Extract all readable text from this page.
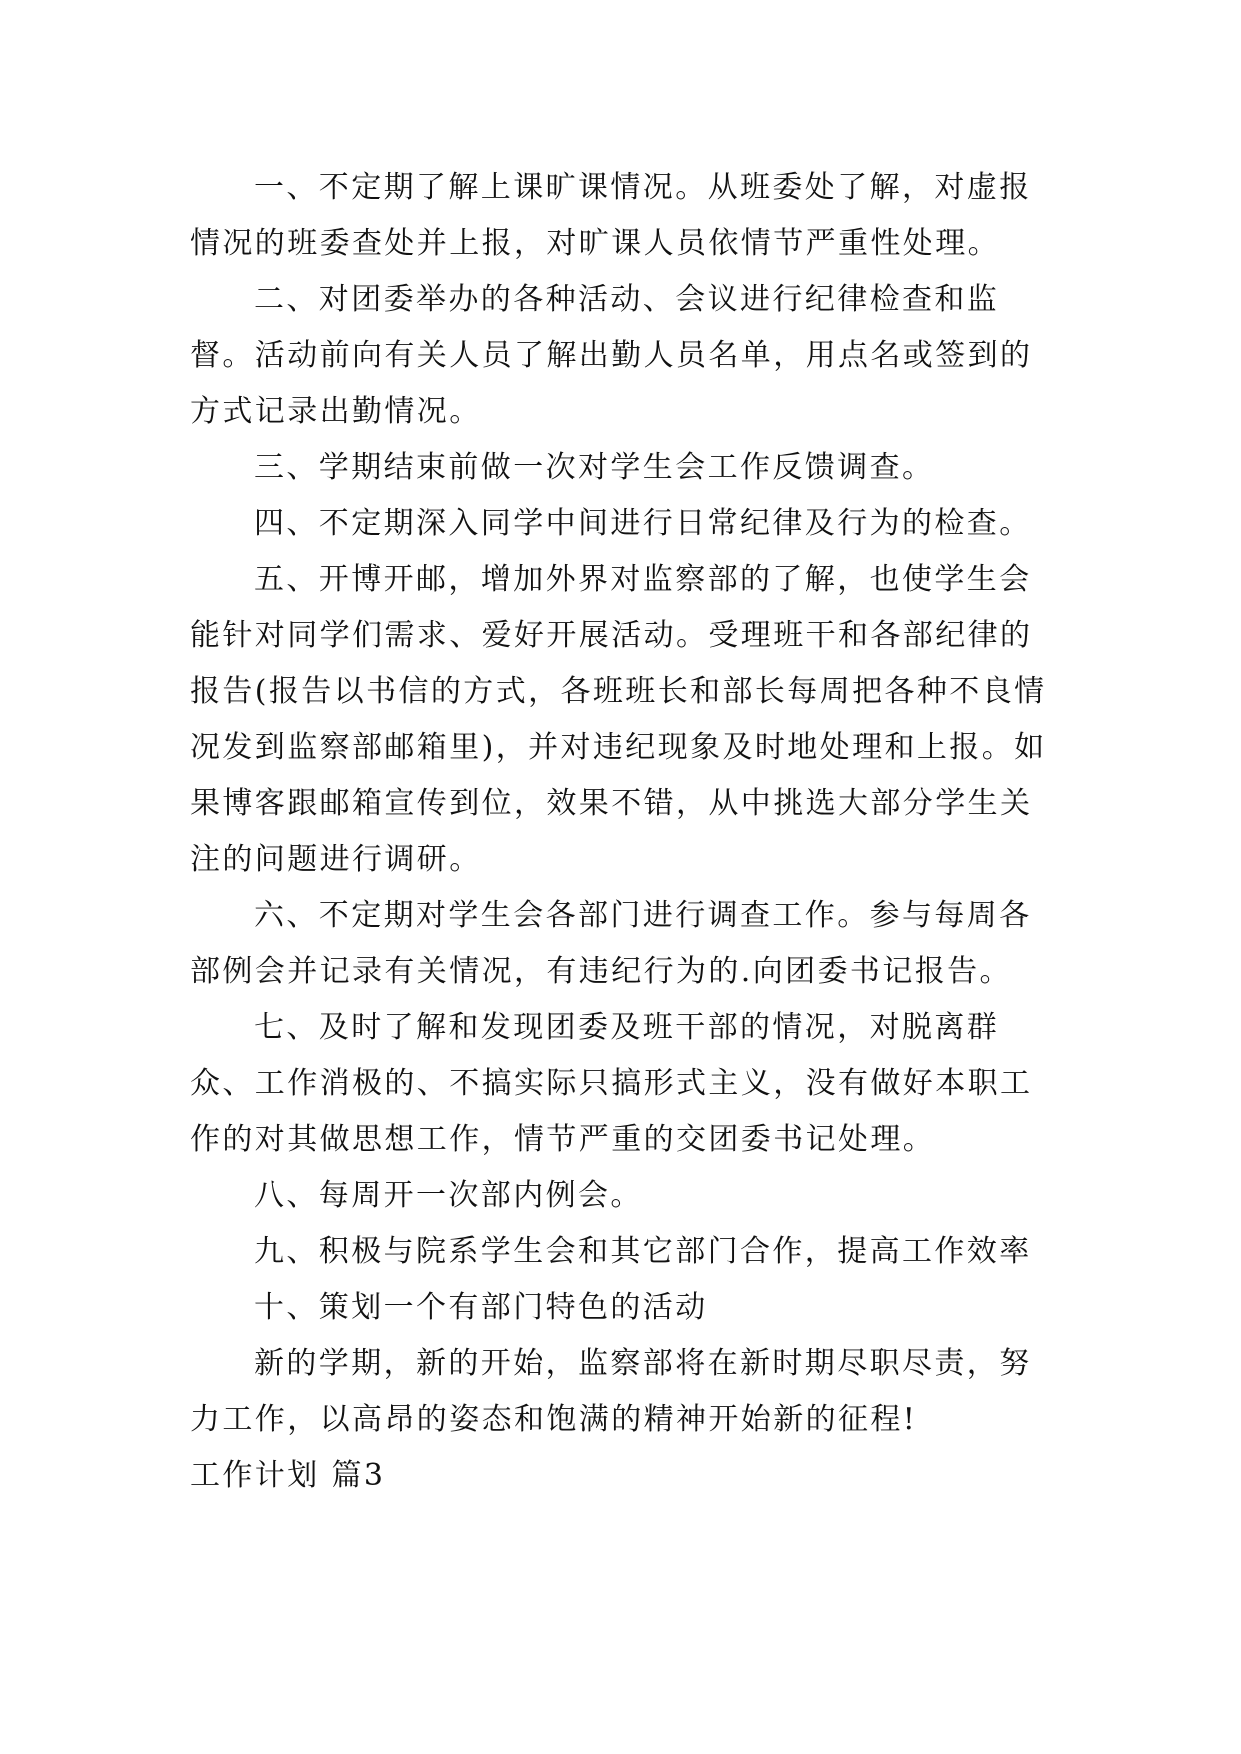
一、不定期了解上课旷课情况。从班委处了解，对虚报情况的班委查处并上报，对旷课人员依情节严重性处理。

二、对团委举办的各种活动、会议进行纪律检查和监督。活动前向有关人员了解出勤人员名单，用点名或签到的方式记录出勤情况。

三、学期结束前做一次对学生会工作反馈调查。

四、不定期深入同学中间进行日常纪律及行为的检查。

五、开博开邮，增加外界对监察部的了解，也使学生会能针对同学们需求、爱好开展活动。受理班干和各部纪律的报告(报告以书信的方式，各班班长和部长每周把各种不良情况发到监察部邮箱里)，并对违纪现象及时地处理和上报。如果博客跟邮箱宣传到位，效果不错，从中挑选大部分学生关注的问题进行调研。

六、不定期对学生会各部门进行调查工作。参与每周各部例会并记录有关情况，有违纪行为的.向团委书记报告。

七、及时了解和发现团委及班干部的情况，对脱离群众、工作消极的、不搞实际只搞形式主义，没有做好本职工作的对其做思想工作，情节严重的交团委书记处理。

八、每周开一次部内例会。

九、积极与院系学生会和其它部门合作，提高工作效率

十、策划一个有部门特色的活动

新的学期，新的开始，监察部将在新时期尽职尽责，努力工作，以高昂的姿态和饱满的精神开始新的征程!

工作计划 篇3
